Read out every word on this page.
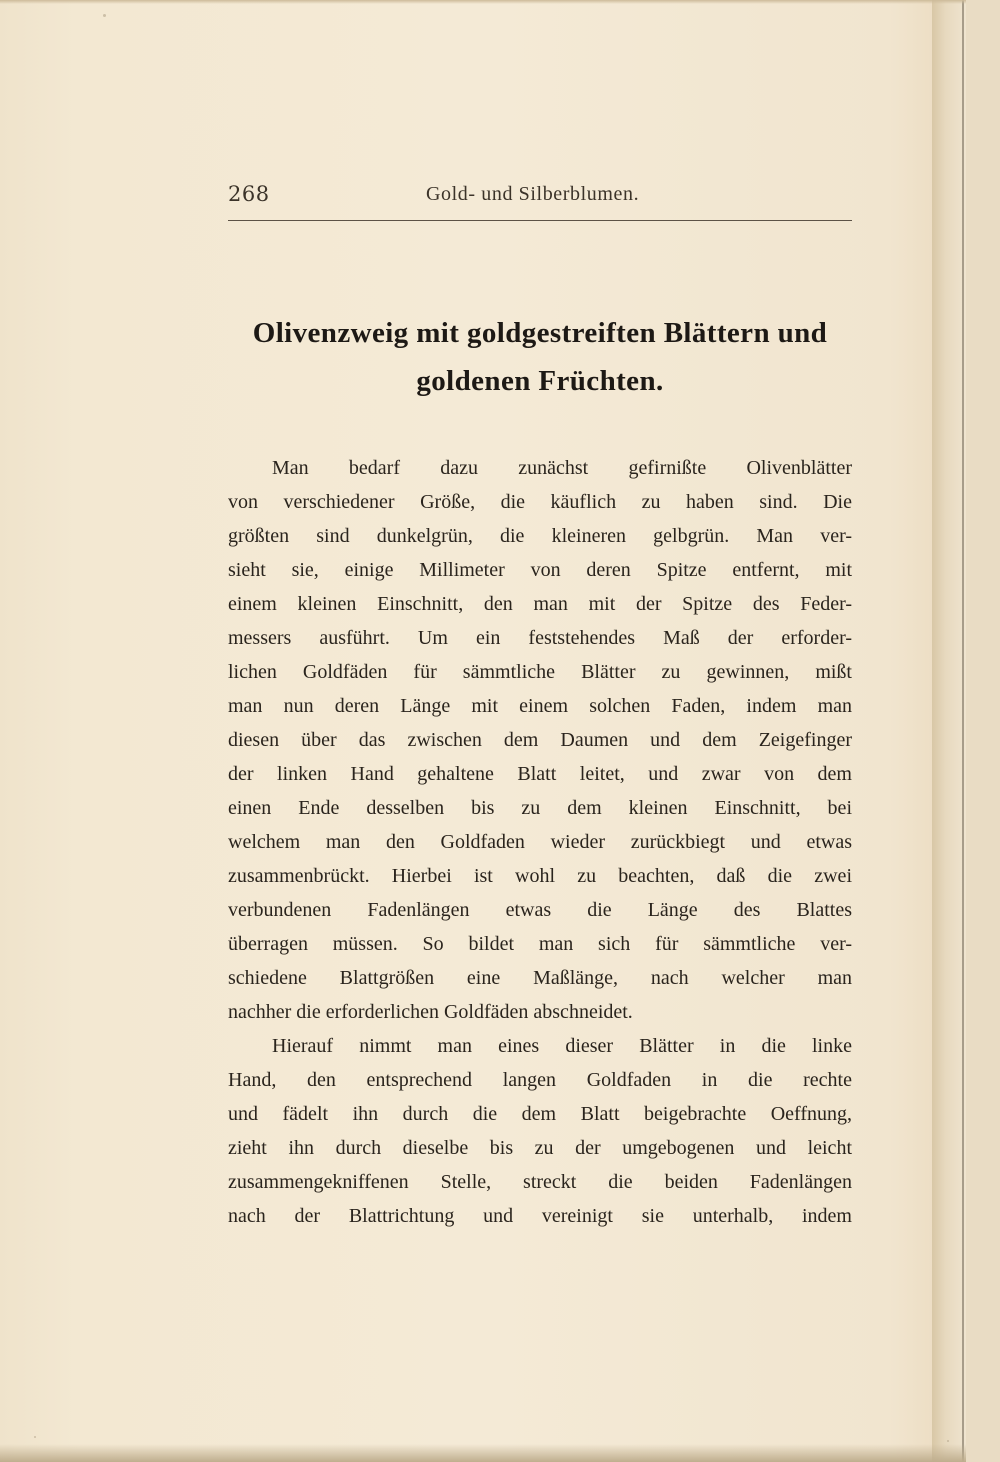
268	Gold- und Silberblumen.
Olivenzweig mit goldgestreiften Blättern und
goldenen Früchten.
Man bedarf dazu zunächst gefirnißte Olivenblätter
von verschiedener Größe, die käuflich zu haben sind. Die
größten sind dunkelgrün, die kleineren gelbgrün. Man ver-
sieht sie, einige Millimeter von deren Spitze entfernt, mit
einem kleinen Einschnitt, den man mit der Spitze des Feder-
messers ausführt. Um ein feststehendes Maß der erforder-
lichen Goldfäden für sämmtliche Blätter zu gewinnen, mißt
man nun deren Länge mit einem solchen Faden, indem man
diesen über das zwischen dem Daumen und dem Zeigefinger
der linken Hand gehaltene Blatt leitet, und zwar von dem
einen Ende desselben bis zu dem kleinen Einschnitt, bei
welchem man den Goldfaden wieder zurückbiegt und etwas
zusammenbrückt. Hierbei ist wohl zu beachten, daß die zwei
verbundenen Fadenlängen etwas die Länge des Blattes
überragen müssen. So bildet man sich für sämmtliche ver-
schiedene Blattgrößen eine Maßlänge, nach welcher man
nachher die erforderlichen Goldfäden abschneidet.
Hierauf nimmt man eines dieser Blätter in die linke
Hand, den entsprechend langen Goldfaden in die rechte
und fädelt ihn durch die dem Blatt beigebrachte Oeffnung,
zieht ihn durch dieselbe bis zu der umgebogenen und leicht
zusammengekniffenen Stelle, streckt die beiden Fadenlängen
nach der Blattrichtung und vereinigt sie unterhalb, indem
